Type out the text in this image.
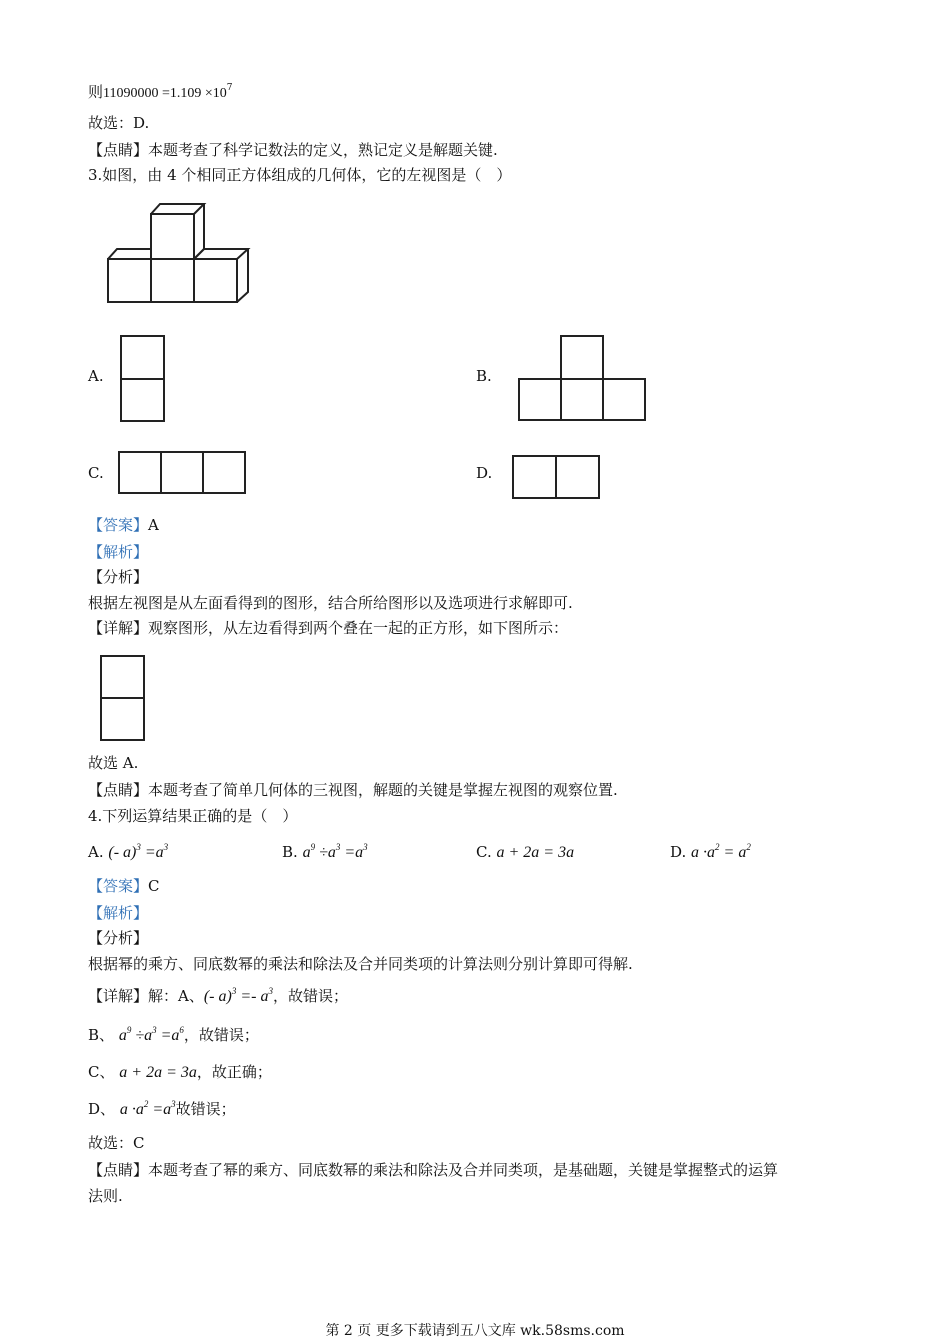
则$11090000 =1.109 \times 10^7$
故选：D.
【点睛】本题考查了科学记数法的定义，熟记定义是解题关键.
3.如图，由 4 个相同正方体组成的几何体，它的左视图是（　）
A.	B.
C.	D.
【答案】A
【解析】
【分析】
根据左视图是从左面看得到的图形，结合所给图形以及选项进行求解即可.
【详解】观察图形，从左边看得到两个叠在一起的正方形，如下图所示：
故选 A.
【点睛】本题考查了简单几何体的三视图，解题的关键是掌握左视图的观察位置.
4.下列运算结果正确的是（　）
A. (- $a)^3 =a^3$	B. $a^9 \div a^3 =a^3$	C. a + 2a = 3a	D. $a \cdot a^2 = a^2$
【答案】C
【解析】
【分析】
根据幂的乘方、同底数幂的乘法和除法及合并同类项的计算法则分别计算即可得解.
【详解】解：A、(- $a)^3 =- a^3$，故错误；
B、 $a^9 \div a^3 =a^6$，故错误；
C、 a + 2a = 3a，故正确；
D、 $a \cdot a^2 =a^3$故错误；
故选：C
【点睛】本题考查了幂的乘方、同底数幂的乘法和除法及合并同类项，是基础题，关键是掌握整式的运算
法则.
第 2 页 更多下载请到五八文库 wk.58sms.com
